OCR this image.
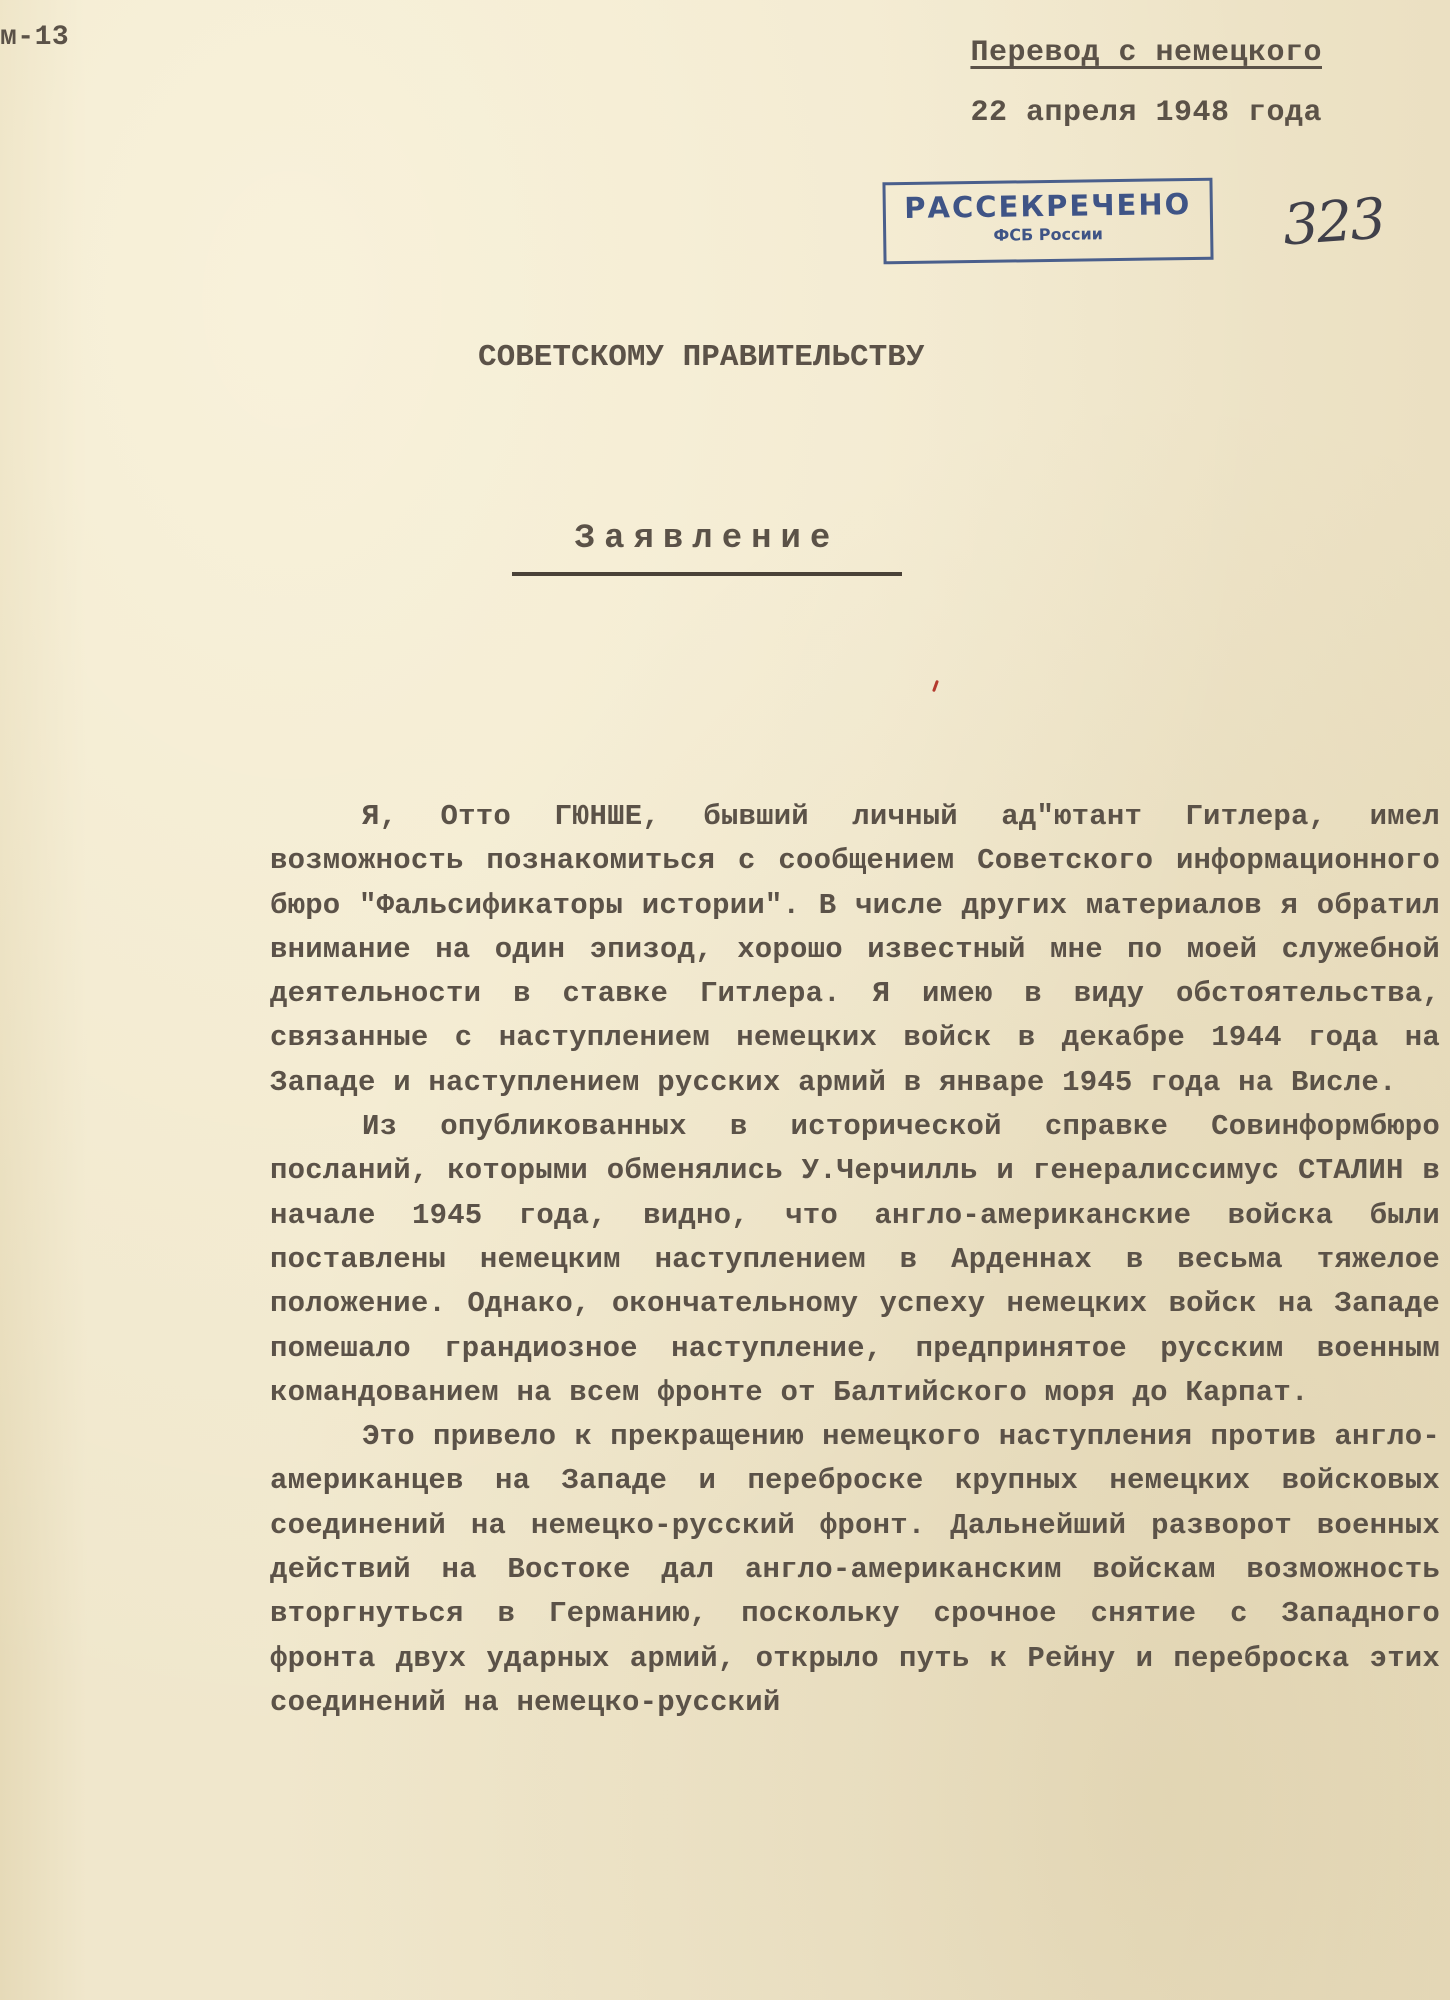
м-13	Перевод с немецкого
22 апреля 1948 года
РАССЕКРЕЧЕНО
ФСБ России	323
СОВЕТСКОМУ ПРАВИТЕЛЬСТВУ
Заявление

Я, Отто ГЮНШЕ, бывший личный ад"ютант Гитлера, имел возможность познакомиться с сообщением Советского информационного бюро "Фальсификаторы истории". В числе других материалов я обратил внимание на один эпизод, хорошо известный мне по моей служебной деятельности в ставке Гитлера. Я имею в виду обстоятельства, связанные с наступлением немецких войск в декабре 1944 года на Западе и наступлением русских армий в январе 1945 года на Висле.

Из опубликованных в исторической справке Совинформбюро посланий, которыми обменялись У.Черчилль и генералиссимус СТАЛИН в начале 1945 года, видно, что англо-американские войска были поставлены немецким наступлением в Арденнах в весьма тяжелое положение. Однако, окончательному успеху немецких войск на Западе помешало грандиозное наступление, предпринятое русским военным командованием на всем фронте от Балтийского моря до Карпат.

Это привело к прекращению немецкого наступления против англо-американцев на Западе и переброске крупных немецких войсковых соединений на немецко-русский фронт. Дальнейший разворот военных действий на Востоке дал англо-американским войскам возможность вторгнуться в Германию, поскольку срочное снятие с Западного фронта двух ударных армий, открыло путь к Рейну и переброска этих соединений на немецко-русский
